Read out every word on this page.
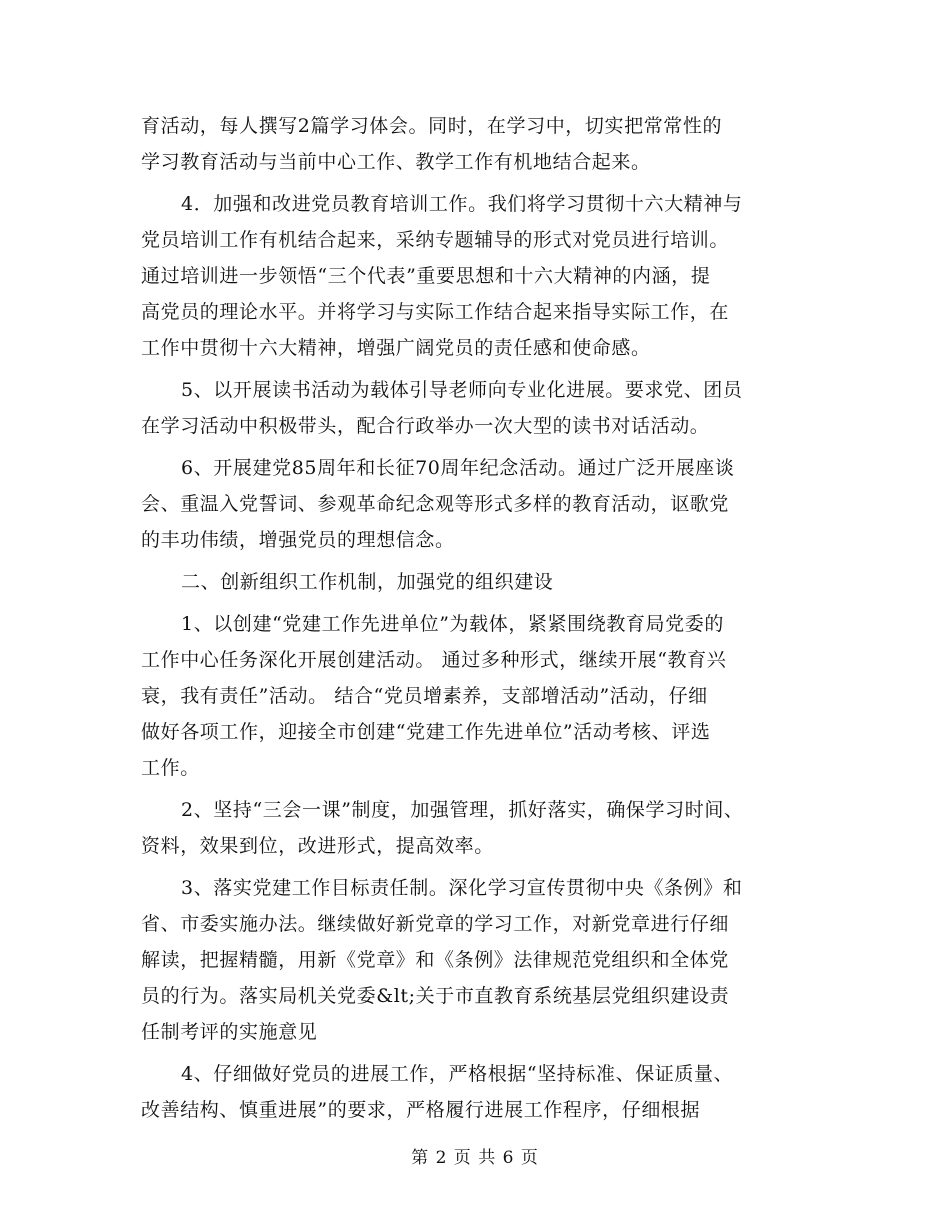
育活动，每人撰写2篇学习体会。同时，在学习中，切实把常常性的
学习教育活动与当前中心工作、教学工作有机地结合起来。
4．加强和改进党员教育培训工作。我们将学习贯彻十六大精神与
党员培训工作有机结合起来，采纳专题辅导的形式对党员进行培训。
通过培训进一步领悟“三个代表”重要思想和十六大精神的内涵，提
高党员的理论水平。并将学习与实际工作结合起来指导实际工作，在
工作中贯彻十六大精神，增强广阔党员的责任感和使命感。
5、以开展读书活动为载体引导老师向专业化进展。要求党、团员
在学习活动中积极带头，配合行政举办一次大型的读书对话活动。
6、开展建党85周年和长征70周年纪念活动。通过广泛开展座谈
会、重温入党誓词、参观革命纪念观等形式多样的教育活动，讴歌党
的丰功伟绩，增强党员的理想信念。
二、创新组织工作机制，加强党的组织建设
1、以创建“党建工作先进单位”为载体，紧紧围绕教育局党委的
工作中心任务深化开展创建活动。 通过多种形式，继续开展“教育兴
衰，我有责任”活动。 结合“党员增素养，支部增活动”活动，仔细
做好各项工作，迎接全市创建“党建工作先进单位”活动考核、评选
工作。
2、坚持“三会一课”制度，加强管理，抓好落实，确保学习时间、
资料，效果到位，改进形式，提高效率。
3、落实党建工作目标责任制。深化学习宣传贯彻中央《条例》和
省、市委实施办法。继续做好新党章的学习工作，对新党章进行仔细
解读，把握精髓，用新《党章》和《条例》法律规范党组织和全体党
员的行为。落实局机关党委&lt;关于市直教育系统基层党组织建设责
任制考评的实施意见
4、仔细做好党员的进展工作，严格根据“坚持标准、保证质量、
改善结构、慎重进展”的要求，严格履行进展工作程序，仔细根据
第 2 页 共 6 页
